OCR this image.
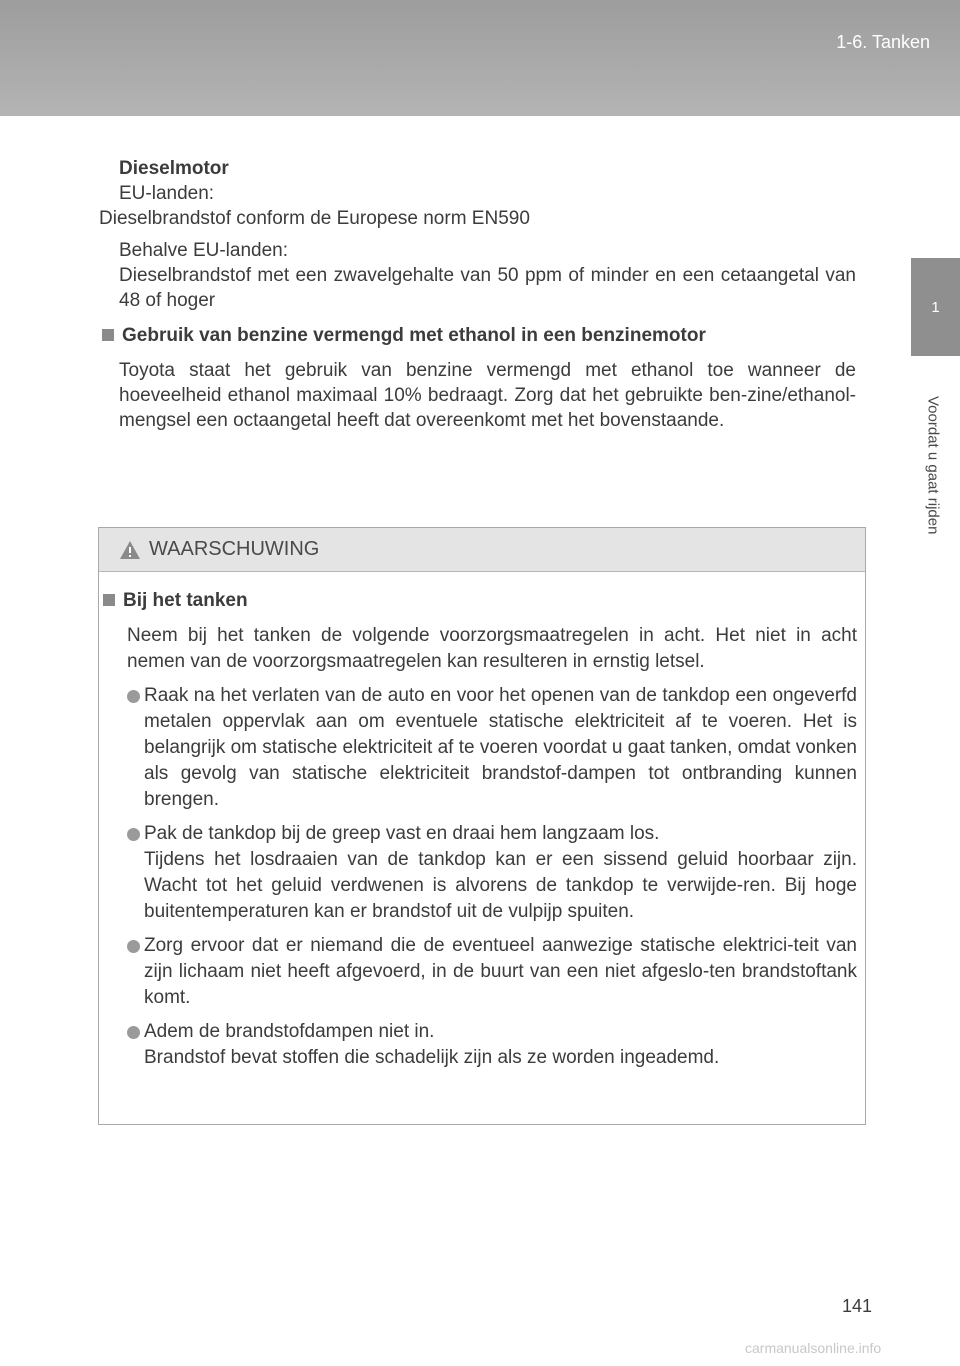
1-6. Tanken
1
Voordat u gaat rijden
Dieselmotor
EU-landen:
Dieselbrandstof conform de Europese norm EN590
Behalve EU-landen:
Dieselbrandstof met een zwavelgehalte van 50 ppm of minder en een cetaangetal van 48 of hoger
Gebruik van benzine vermengd met ethanol in een benzinemotor
Toyota staat het gebruik van benzine vermengd met ethanol toe wanneer de hoeveelheid ethanol maximaal 10% bedraagt. Zorg dat het gebruikte ben-zine/ethanol-mengsel een octaangetal heeft dat overeenkomt met het bovenstaande.
WAARSCHUWING
Bij het tanken
Neem bij het tanken de volgende voorzorgsmaatregelen in acht. Het niet in acht nemen van de voorzorgsmaatregelen kan resulteren in ernstig letsel.
Raak na het verlaten van de auto en voor het openen van de tankdop een ongeverfd metalen oppervlak aan om eventuele statische elektriciteit af te voeren. Het is belangrijk om statische elektriciteit af te voeren voordat u gaat tanken, omdat vonken als gevolg van statische elektriciteit brandstof-dampen tot ontbranding kunnen brengen.
Pak de tankdop bij de greep vast en draai hem langzaam los.
Tijdens het losdraaien van de tankdop kan er een sissend geluid hoorbaar zijn. Wacht tot het geluid verdwenen is alvorens de tankdop te verwijde-ren. Bij hoge buitentemperaturen kan er brandstof uit de vulpijp spuiten.
Zorg ervoor dat er niemand die de eventueel aanwezige statische elektrici-teit van zijn lichaam niet heeft afgevoerd, in de buurt van een niet afgeslo-ten brandstoftank komt.
Adem de brandstofdampen niet in.
Brandstof bevat stoffen die schadelijk zijn als ze worden ingeademd.
141
carmanualsonline.info
